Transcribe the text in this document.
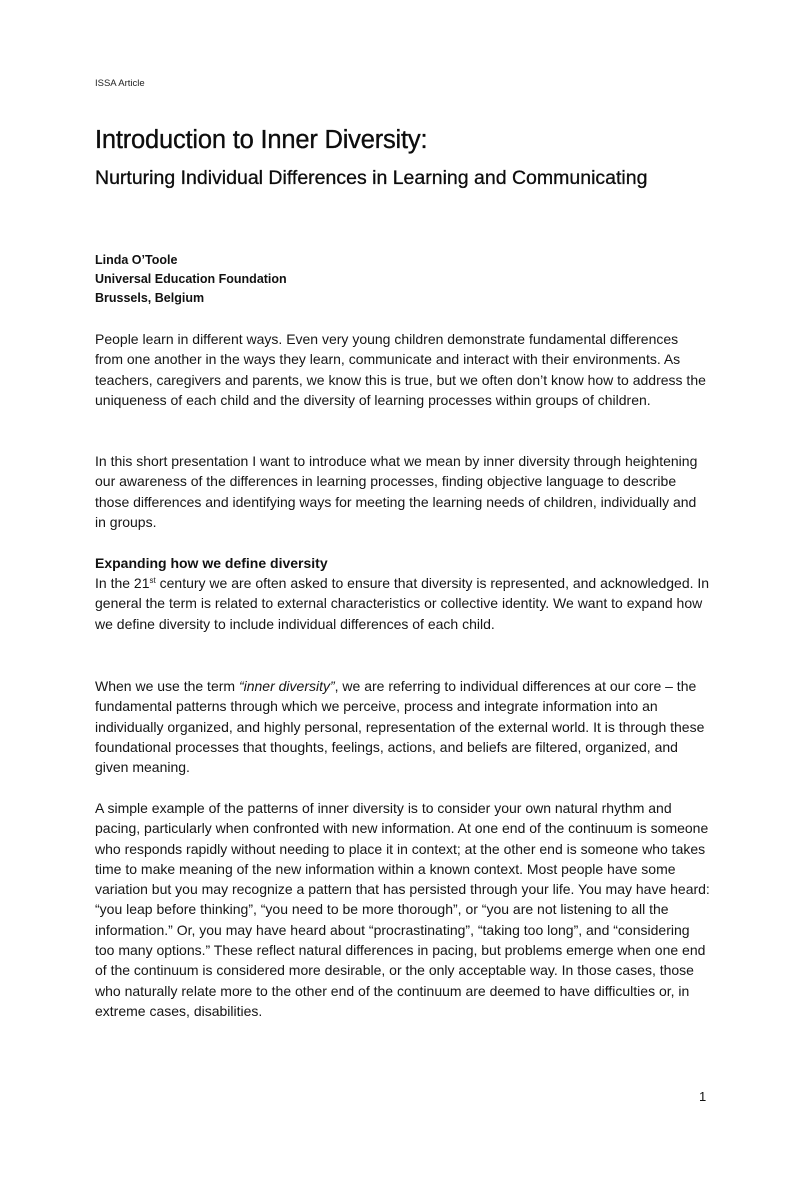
ISSA Article
Introduction to Inner Diversity:
Nurturing Individual Differences in Learning and Communicating
Linda O’Toole
Universal Education Foundation
Brussels, Belgium

People learn in different ways. Even very young children demonstrate fundamental differences from one another in the ways they learn, communicate and interact with their environments. As teachers, caregivers and parents, we know this is true, but we often don’t know how to address the uniqueness of each child and the diversity of learning processes within groups of children.

In this short presentation I want to introduce what we mean by inner diversity through heightening our awareness of the differences in learning processes, finding objective language to describe those differences and identifying ways for meeting the learning needs of children, individually and in groups.

Expanding how we define diversity

In the 21st century we are often asked to ensure that diversity is represented, and acknowledged. In general the term is related to external characteristics or collective identity. We want to expand how we define diversity to include individual differences of each child.

When we use the term “inner diversity”, we are referring to individual differences at our core – the fundamental patterns through which we perceive, process and integrate information into an individually organized, and highly personal, representation of the external world. It is through these foundational processes that thoughts, feelings, actions, and beliefs are filtered, organized, and given meaning.

A simple example of the patterns of inner diversity is to consider your own natural rhythm and pacing, particularly when confronted with new information. At one end of the continuum is someone who responds rapidly without needing to place it in context; at the other end is someone who takes time to make meaning of the new information within a known context. Most people have some variation but you may recognize a pattern that has persisted through your life. You may have heard: “you leap before thinking”, “you need to be more thorough”, or “you are not listening to all the information.” Or, you may have heard about “procrastinating”, “taking too long”, and “considering too many options.” These reflect natural differences in pacing, but problems emerge when one end of the continuum is considered more desirable, or the only acceptable way. In those cases, those who naturally relate more to the other end of the continuum are deemed to have difficulties or, in extreme cases, disabilities.

1
